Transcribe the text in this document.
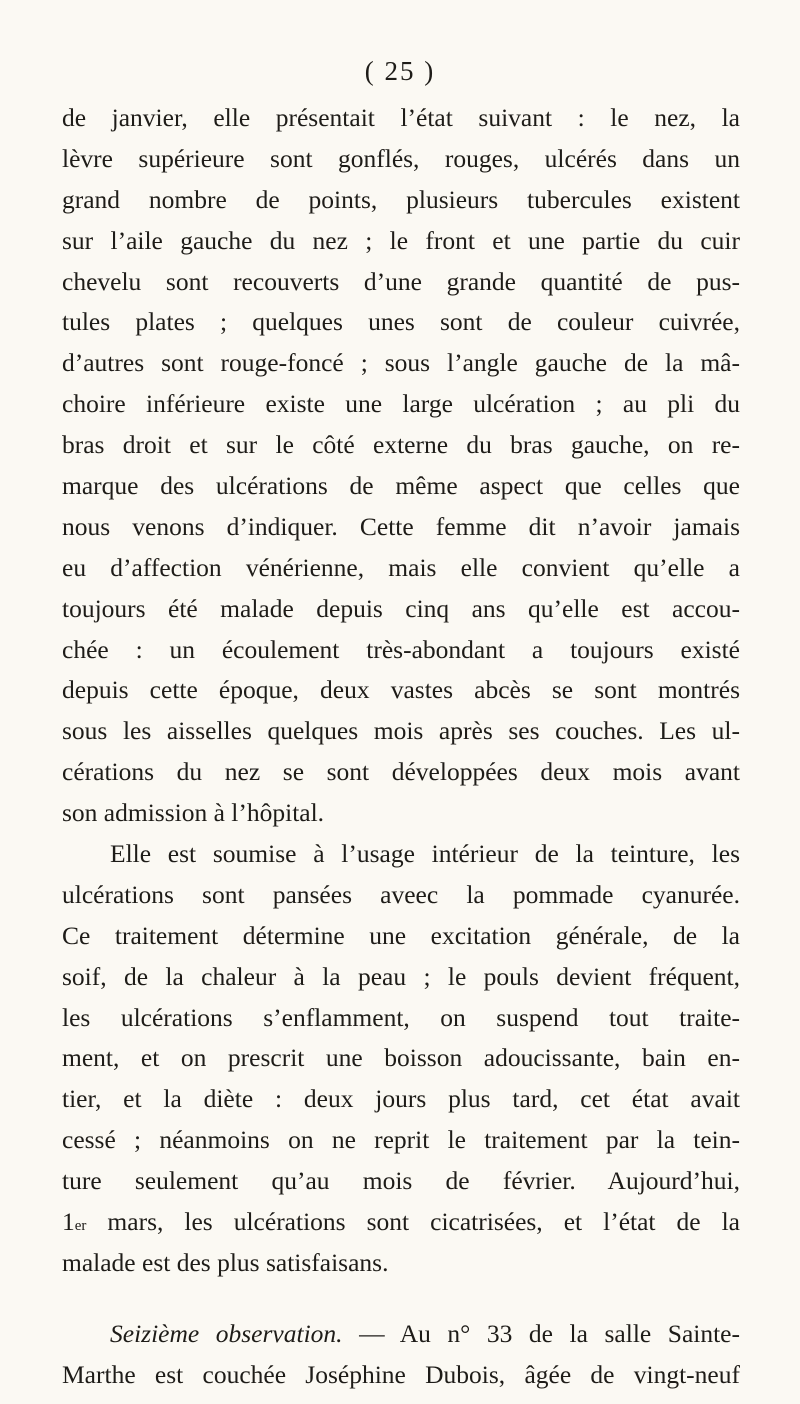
( 25 )
de janvier, elle présentait l’état suivant : le nez, la
lèvre supérieure sont gonflés, rouges, ulcérés dans un
grand nombre de points, plusieurs tubercules existent
sur l’aile gauche du nez ; le front et une partie du cuir
chevelu sont recouverts d’une grande quantité de pus-
tules plates ; quelques unes sont de couleur cuivrée,
d’autres sont rouge-foncé ; sous l’angle gauche de la mâ-
choire inférieure existe une large ulcération ; au pli du
bras droit et sur le côté externe du bras gauche, on re-
marque des ulcérations de même aspect que celles que
nous venons d’indiquer. Cette femme dit n’avoir jamais
eu d’affection vénérienne, mais elle convient qu’elle a
toujours été malade depuis cinq ans qu’elle est accou-
chée : un écoulement très-abondant a toujours existé
depuis cette époque, deux vastes abcès se sont montrés
sous les aisselles quelques mois après ses couches. Les ul-
cérations du nez se sont développées deux mois avant
son admission à l’hôpital.
Elle est soumise à l’usage intérieur de la teinture, les
ulcérations sont pansées aveec la pommade cyanurée.
Ce traitement détermine une excitation générale, de la
soif, de la chaleur à la peau ; le pouls devient fréquent,
les ulcérations s’enflamment, on suspend tout traite-
ment, et on prescrit une boisson adoucissante, bain en-
tier, et la diète : deux jours plus tard, cet état avait
cessé ; néanmoins on ne reprit le traitement par la tein-
ture seulement qu’au mois de février. Aujourd’hui,
1er mars, les ulcérations sont cicatrisées, et l’état de la
malade est des plus satisfaisans.
Seizième observation. — Au n° 33 de la salle Sainte-
Marthe est couchée Joséphine Dubois, âgée de vingt-neuf
